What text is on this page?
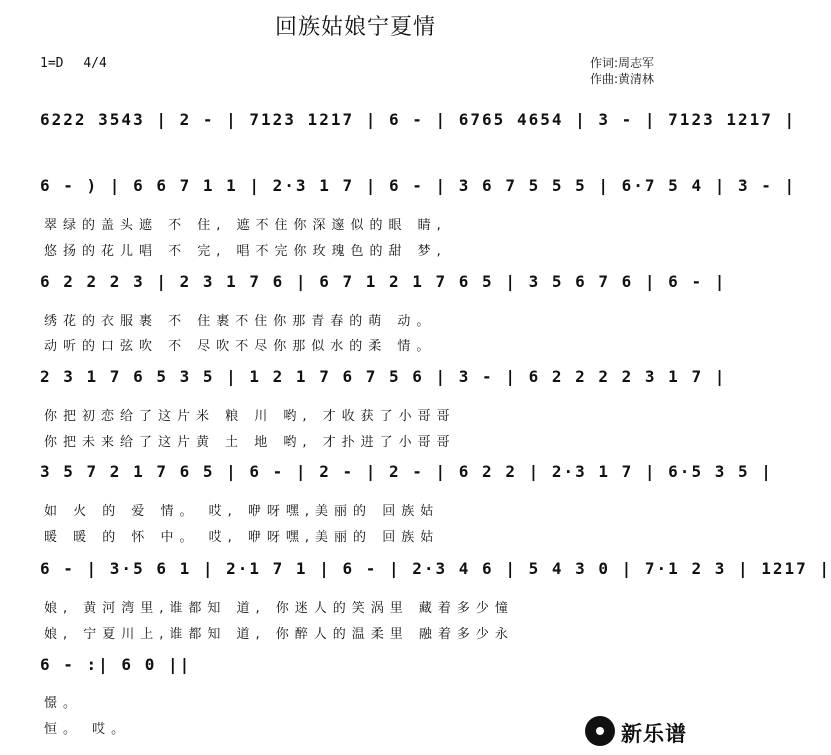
回族姑娘宁夏情
1=D 4/4	作词:周志军
作曲:黄清林
6222 3543 | 2 - | 7123 1217 | 6 - | 6765 4654 | 3 - | 7123 1217 |
6 - ) | 6 6 7 1 1 | 2·3 1 7 | 6 - | 3 6 7 5 5 5 | 6·7 5 4 | 3 - |
翠绿的盖头遮 不 住, 遮不住你深邃似的眼 睛,
悠扬的花儿唱 不 完, 唱不完你玫瑰色的甜 梦,
6 2 2 2 3 | 2 3 1 7 6 | 6 7 1 2 1 7 6 5 | 3 5 6 7 6 | 6 - |
绣花的衣服裹 不 住裹不住你那青春的萌 动。
动听的口弦吹 不 尽吹不尽你那似水的柔 情。
2 3 1 7 6 5 3 5 | 1 2 1 7 6 7 5 6 | 3 - | 6 2 2 2 2 3 1 7 |
你把初恋给了这片米 粮 川 哟, 才收获了小哥哥
你把未来给了这片黄 土 地 哟, 才扑进了小哥哥
3 5 7 2 1 7 6 5 | 6 - | 2 - | 2 - | 6 2 2 | 2·3 1 7 | 6·5 3 5 |
如 火 的 爱 情。 哎, 咿呀嘿,美丽的 回族姑
暖 暖 的 怀 中。 哎, 咿呀嘿,美丽的 回族姑
6 - | 3·5 6 1 | 2·1 7 1 | 6 - | 2·3 4 6 | 5 4 3 0 | 7·1 2 3 | 1217 |
娘, 黄河湾里,谁都知 道, 你迷人的笑涡里 藏着多少憧
娘, 宁夏川上,谁都知 道, 你醉人的温柔里 融着多少永
6 - :| 6 0 ||
憬。
恒。 哎。	新乐谱
